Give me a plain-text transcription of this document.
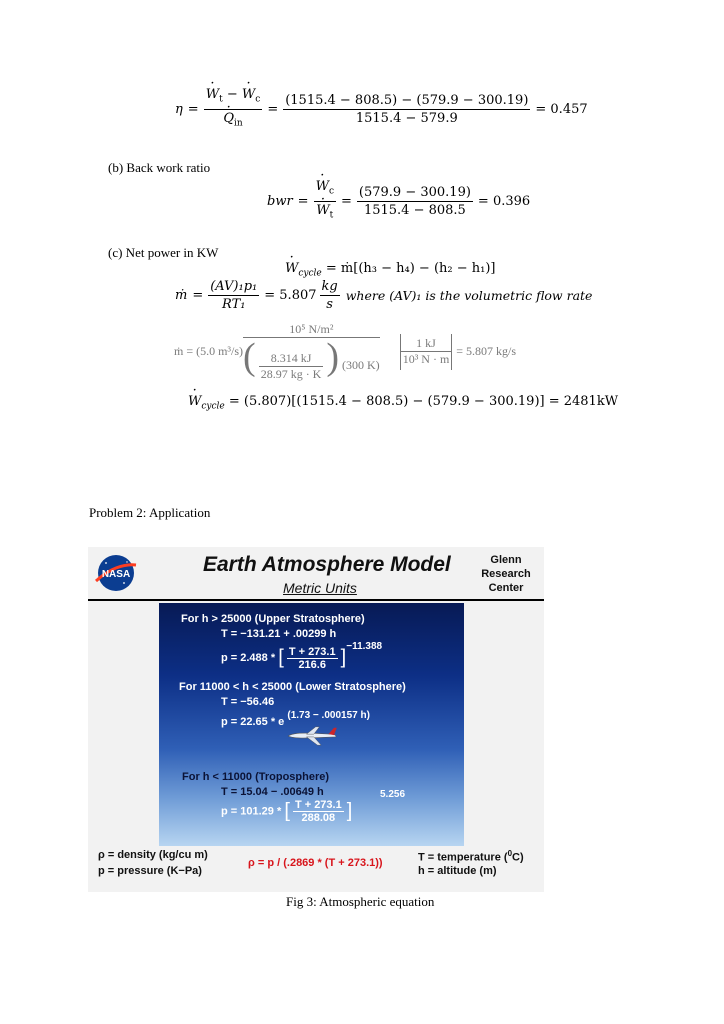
η = · $W_t$ − · $W_c$
· $Q_{in} = \frac{(1515.4 - 808.5) - (579.9 - 300.19)}{1515.4 - 579.9} = 0.457$
(b) Back work ratio
bwr = · $W_c$
· $W_t = \frac{(579.9 - 300.19)}{1515.4 - 808.5} = 0.396$
(c) Net power in KW
· $W_{cycle}$ = ṁ[(h₃ − h₄) − (h₂ − h₁)]
ṁ = $\frac{\text{(AV)₁p₁}}{\text{RT₁}} = 5.807 \frac{kg}{s}$ where (AV)₁ is the volumetric flow rate
ṁ = (5.0 m³/s)
10⁵ N/m²
( $\frac{8.314 kJ}{28.97 kg \cdot K}$ ) (300 $K) \frac{1 kJ}{\text{10³ N · m}} = 5.807$ kg/s
· $W_{cycle} = (5.807)[(1515.4 - 808.5) - (579.9 - 300.19)] = 2481kW$
Problem 2: Application
NASA	Earth Atmosphere Model
Metric Units
Glenn
Research
Center
For h > 25000 (Upper Stratosphere)
T = −131.21 + .00299 h
p = 2.488 * [ $\frac{T + 273.1}{216.6} ]^{-11.388}$
For 11000 < h < 25000 (Lower Stratosphere)
T = −56.46
p = 22.65 * e (1.73 − .000157 h)
For h < 11000 (Troposphere)
T = 15.04 − .00649 h	5.256
p = 101.29 * [ $\frac{T + 273.1}{288.08}$ ]
ρ = density (kg/cu m)
p = pressure (K−Pa)
ρ = p / (.2869 * (T + 273.1))	T = temperature ($^0$C)
h = altitude (m)
Fig 3: Atmospheric equation
